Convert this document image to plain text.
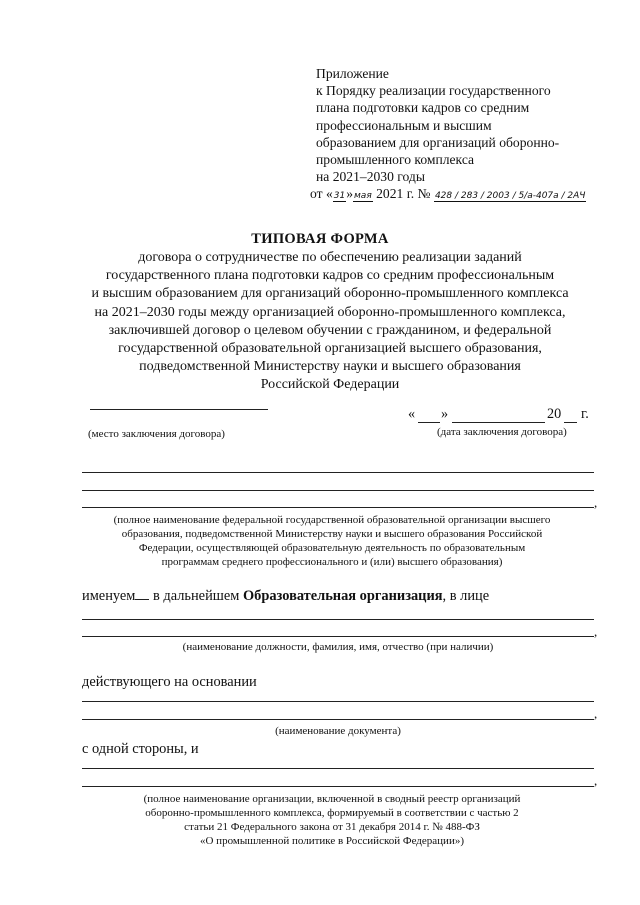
Приложение
к Порядку реализации государственного
плана подготовки кадров со средним
профессиональным и высшим
образованием для организаций оборонно-
промышленного комплекса
на 2021–2030 годы
от «31»мая 2021 г. № 428 / 283 / 2003 / 5/а-407а / 2АЧ
ТИПОВАЯ ФОРМА
договора о сотрудничестве по обеспечению реализации заданий
государственного плана подготовки кадров со средним профессиональным
и высшим образованием для организаций оборонно-промышленного комплекса
на 2021–2030 годы между организацией оборонно-промышленного комплекса,
заключившей договор о целевом обучении с гражданином, и федеральной
государственной образовательной организацией высшего образования,
подведомственной Министерству науки и высшего образования
Российской Федерации
(место заключения договора)
« »	20 г.
(дата заключения договора)
,
(полное наименование федеральной государственной образовательной организации высшего
образования, подведомственной Министерству науки и высшего образования Российской
Федерации, осуществляющей образовательную деятельность по образовательным
программам среднего профессионального и (или) высшего образования)
именуем в дальнейшем Образовательная организация, в лице
,
(наименование должности, фамилия, имя, отчество (при наличии)
действующего на основании
,
(наименование документа)
с одной стороны, и
,
(полное наименование организации, включенной в сводный реестр организаций
оборонно-промышленного комплекса, формируемый в соответствии с частью 2
статьи 21 Федерального закона от 31 декабря 2014 г. № 488-ФЗ
«О промышленной политике в Российской Федерации»)
